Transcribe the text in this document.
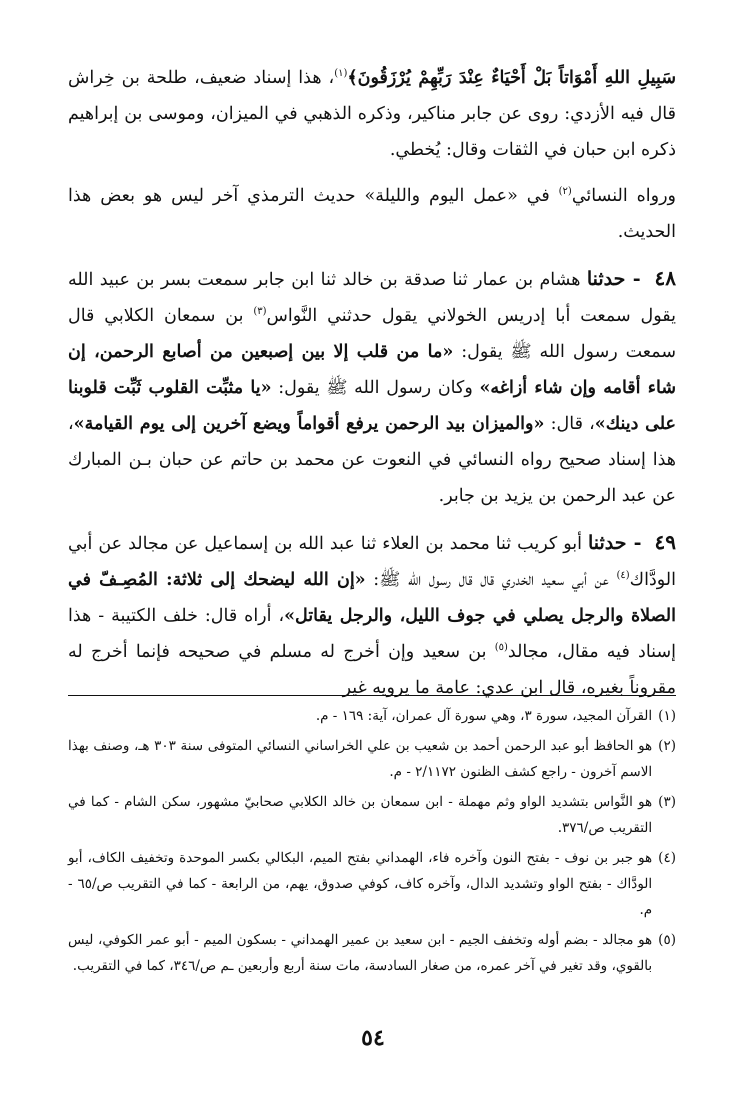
سَبِيلِ اللهِ أَمْوَاتاً بَلْ أَحْيَاءٌ عِنْدَ رَبِّهِمْ يُرْزَقُونَ﴾$^{(١)}$، هذا إسناد ضعيف، طلحة بن خِراش قال فيه الأزدي: روى عن جابر مناكير، وذكره الذهبي في الميزان، وموسى بن إبراهيم ذكره ابن حبان في الثقات وقال: يُخطي.

ورواه النسائي$^{(٢)}$ في «عمل اليوم والليلة» حديث الترمذي آخر ليس هو بعض هذا الحديث.

٤٨  - حدثنا هشام بن عمار ثنا صدقة بن خالد ثنا ابن جابر سمعت بسر بن عبيد الله يقول سمعت أبا إدريس الخولاني يقول حدثني النَّواس$^{(٣)}$ بن سمعان الكلابي قال سمعت رسول الله ﷺ يقول: «ما من قلب إلا بين إصبعين من أصابع الرحمن، إن شاء أقامه وإن شاء أزاغه» وكان رسول الله ﷺ يقول: «يا مثبِّت القلوب ثَبِّت قلوبنا على دينك»، قال: «والميزان بيد الرحمن يرفع أقواماً ويضع آخرين إلى يوم القيامة»، هذا إسناد صحيح رواه النسائي في النعوت عن محمد بن حاتم عن حبان بـن المبارك عن عبد الرحمن بن يزيد بن جابر.

٤٩  - حدثنا أبو كريب ثنا محمد بن العلاء ثنا عبد الله بن إسماعيل عن مجالد عن أبي الودَّاك$^{(٤)}$ عن أبي سعيد الخدري قال قال رسول الله ﷺ: «إن الله ليضحك إلى ثلاثة: المُصِـفّ في الصلاة والرجل يصلي في جوف الليل، والرجل يقاتل»، أراه قال: خلف الكتيبة - هذا إسناد فيه مقال، مجالد$^{(٥)}$ بن سعيد وإن أخرج له مسلم في صحيحه فإنما أخرج له مقروناً بغيره، قال ابن عدي: عامة ما يرويه غير

(١)
القرآن المجيد، سورة ٣، وهي سورة آل عمران، آية: ١٦٩ - م.
(٢)
هو الحافظ أبو عبد الرحمن أحمد بن شعيب بن علي الخراساني النسائي المتوفى سنة ٣٠٣ هـ، وصنف بهذا الاسم آخرون - راجع كشف الظنون ٢/١١٧٢ - م.
(٣)
هو النَّواس بتشديد الواو وثم مهملة - ابن سمعان بن خالد الكلابي صحابيّ مشهور، سكن الشام - كما في التقريب ص/٣٧٦.
(٤)
هو جبر بن نوف - بفتح النون وآخره فاء، الهمداني بفتح الميم، البكالي بكسر الموحدة وتخفيف الكاف، أبو الودَّاك - بفتح الواو وتشديد الدال، وآخره كاف، كوفي صدوق، يهم، من الرابعة - كما في التقريب ص/٦٥ - م.
(٥)
هو مجالد - بضم أوله وتخفف الجيم - ابن سعيد بن عمير الهمداني - بسكون الميم - أبو عمر الكوفي، ليس بالقوي، وقد تغير في آخر عمره، من صغار السادسة، مات سنة أربع وأربعين ـم ص/٣٤٦، كما في التقريب.
٥٤
